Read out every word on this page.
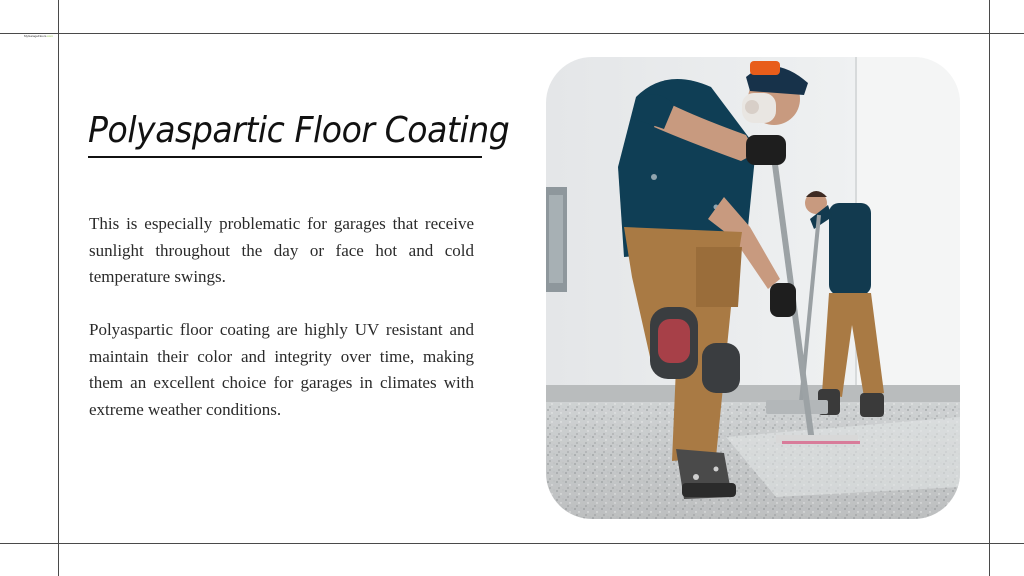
MyGarageFloors.com
Polyaspartic Floor Coating

This is especially problematic for garages that receive sunlight throughout the day or face hot and cold temperature swings.

Polyaspartic floor coating are highly UV resistant and maintain their color and integrity over time, making them an excellent choice for garages in climates with extreme weather conditions.
